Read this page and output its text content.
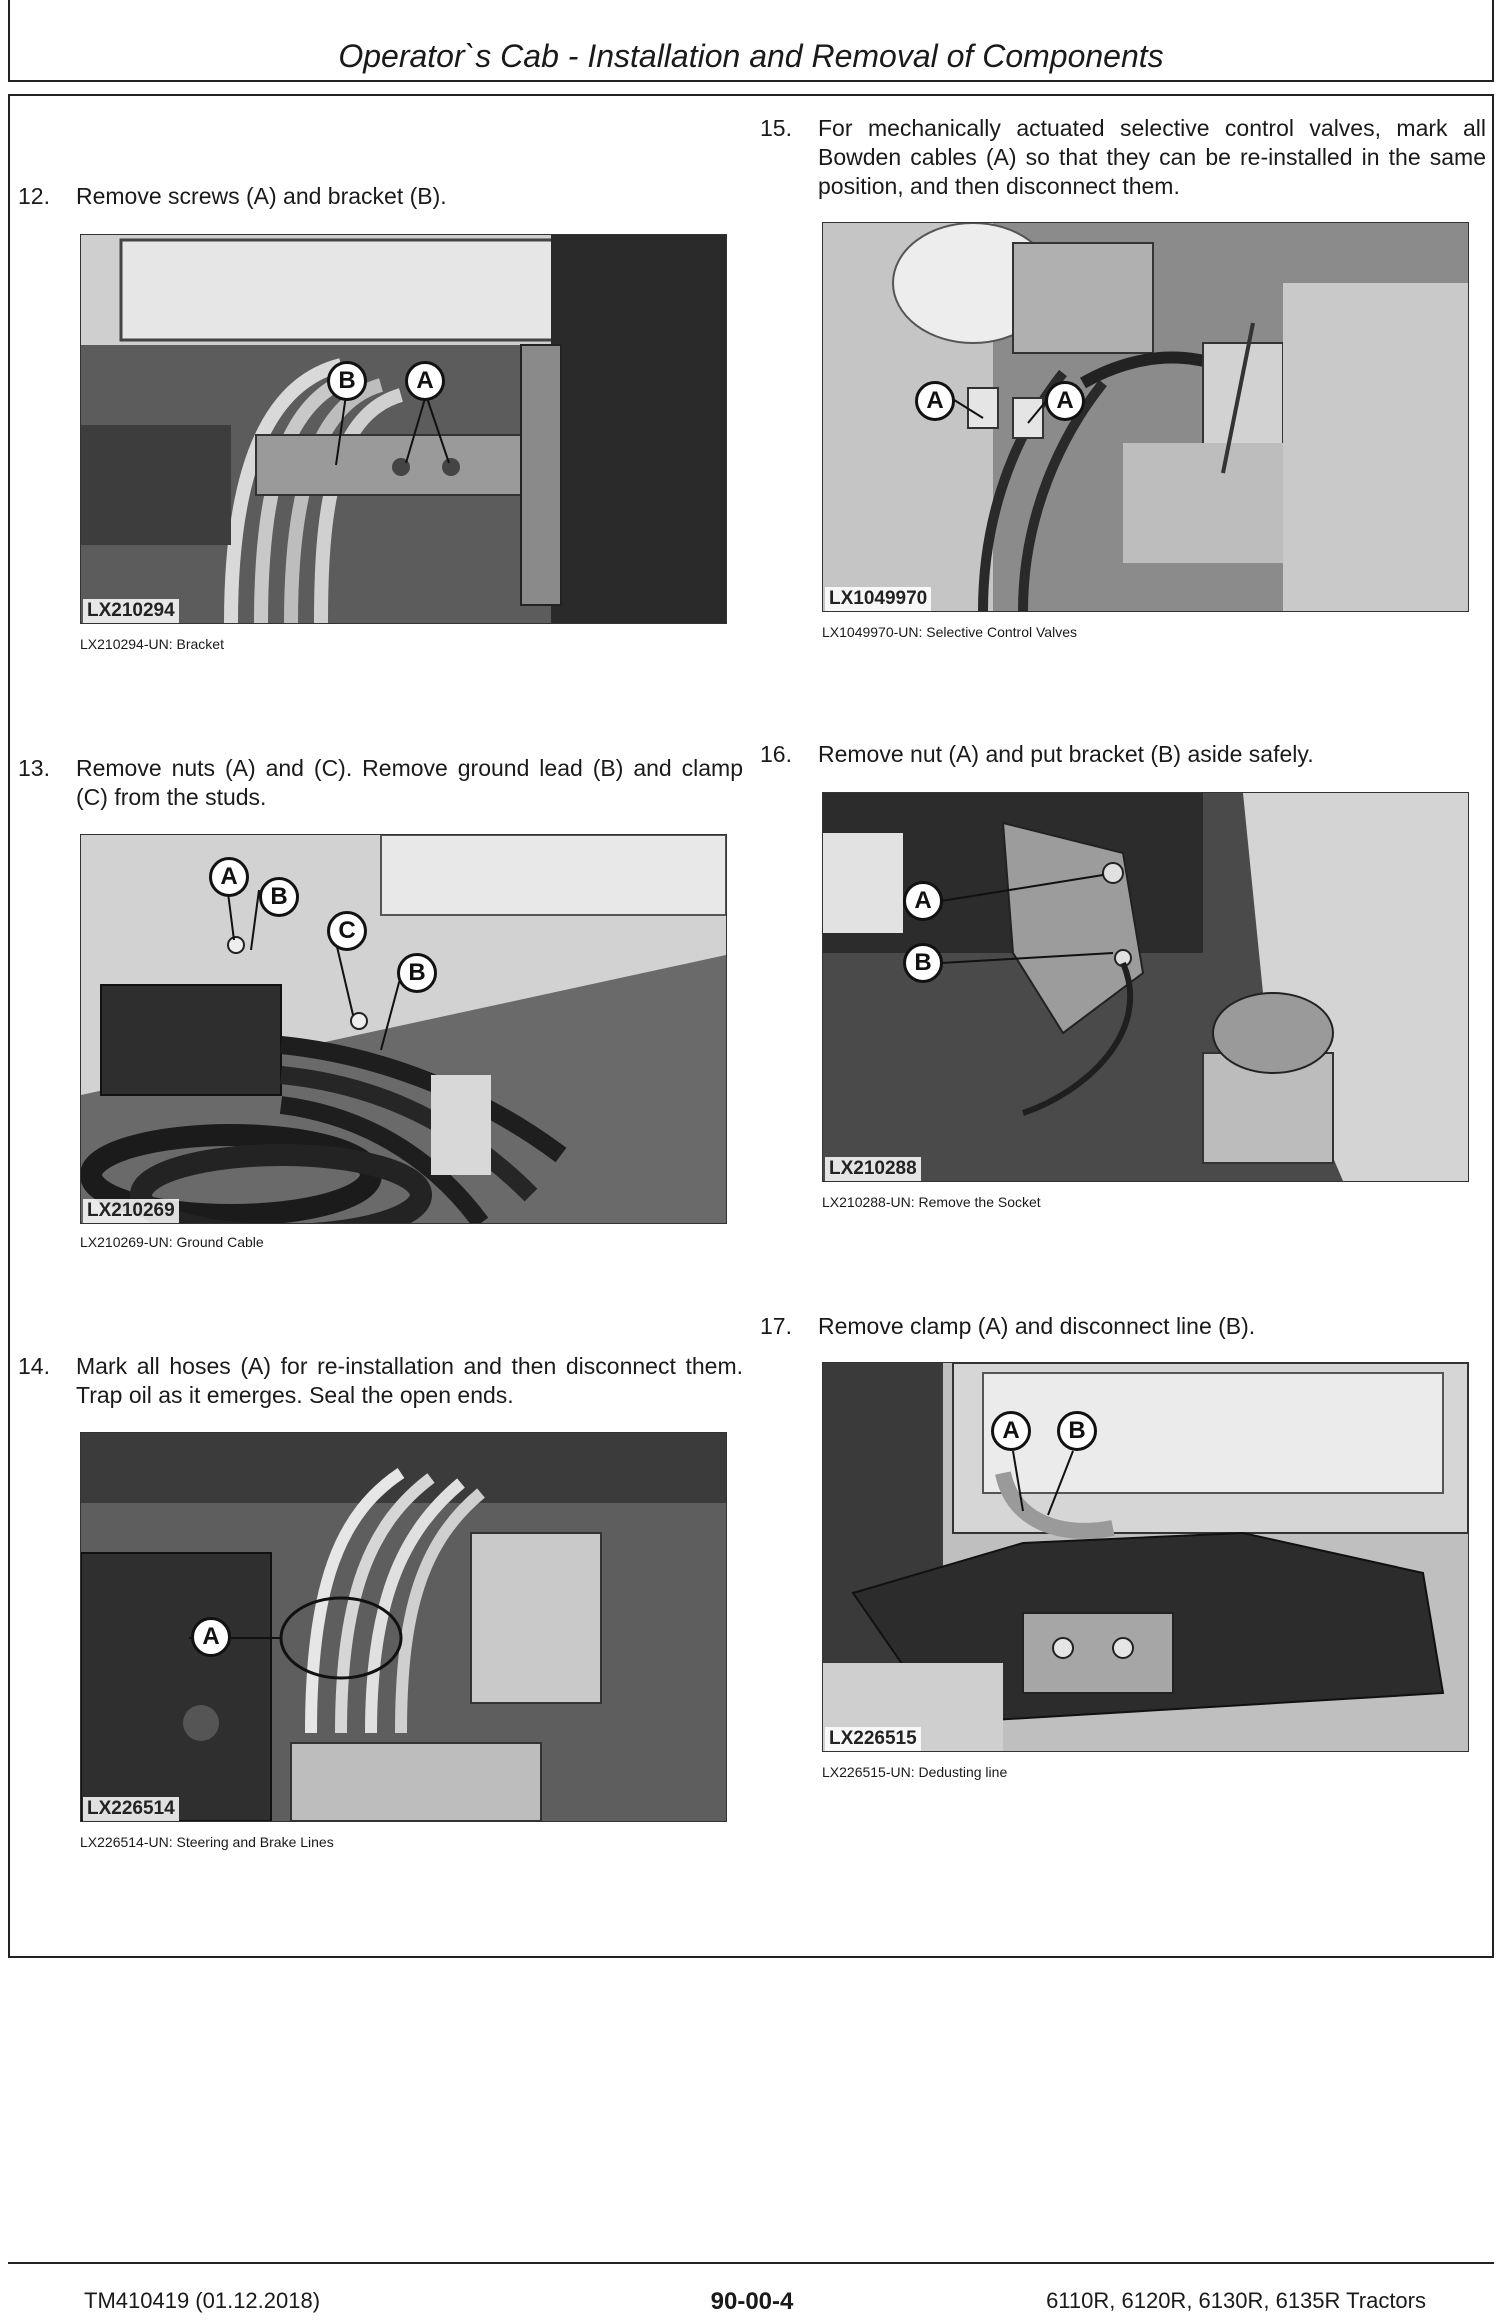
Operator`s Cab - Installation and Removal of Components
12. Remove screws (A) and bracket (B).
B	A
LX210294
LX210294-UN: Bracket
13. Remove nuts (A) and (C). Remove ground lead (B) and clamp (C) from the studs.
A
B
C
B
LX210269
LX210269-UN: Ground Cable
14. Mark all hoses (A) for re-installation and then disconnect them. Trap oil as it emerges. Seal the open ends.
A
LX226514
LX226514-UN: Steering and Brake Lines
15. For mechanically actuated selective control valves, mark all Bowden cables (A) so that they can be re-installed in the same position, and then disconnect them.
A	A
LX1049970
LX1049970-UN: Selective Control Valves
16. Remove nut (A) and put bracket (B) aside safely.
A
B
LX210288
LX210288-UN: Remove the Socket
17. Remove clamp (A) and disconnect line (B).
A	B
LX226515
LX226515-UN: Dedusting line
TM410419 (01.12.2018)	90-00-4	6110R, 6120R, 6130R, 6135R Tractors
